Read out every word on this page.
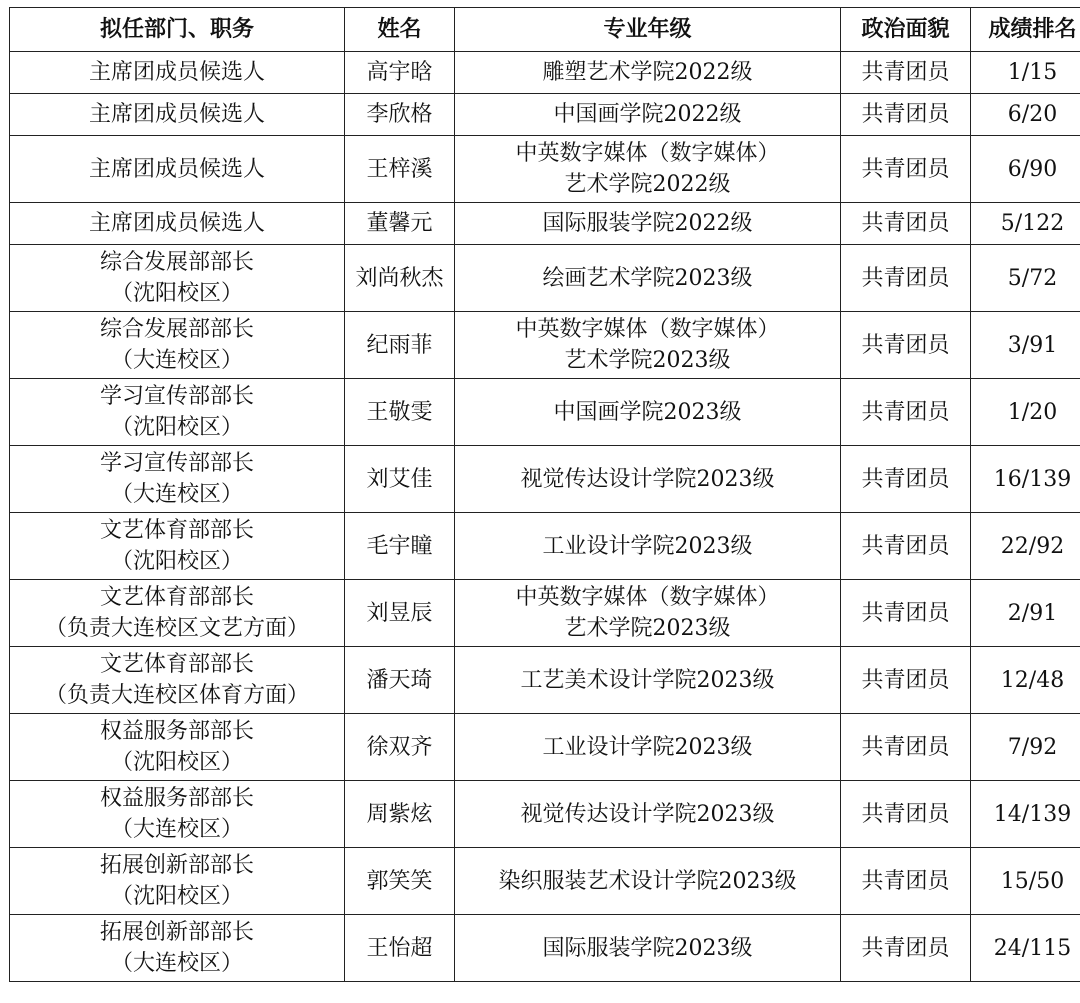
拟任部门、职务	姓名	专业年级	政治面貌	成绩排名

主席团成员候选人	高宇晗	雕塑艺术学院2022级	共青团员	1/15

主席团成员候选人	李欣格	中国画学院2022级	共青团员	6/20

主席团成员候选人	王梓溪	中英数字媒体（数字媒体）
艺术学院2022级	共青团员	6/90

主席团成员候选人	董馨元	国际服装学院2022级	共青团员	5/122

综合发展部部长
（沈阳校区）	刘尚秋杰	绘画艺术学院2023级	共青团员	5/72

综合发展部部长
（大连校区）	纪雨菲	中英数字媒体（数字媒体）
艺术学院2023级	共青团员	3/91

学习宣传部部长
（沈阳校区）	王敬雯	中国画学院2023级	共青团员	1/20

学习宣传部部长
（大连校区）	刘艾佳	视觉传达设计学院2023级	共青团员	16/139

文艺体育部部长
（沈阳校区）	毛宇瞳	工业设计学院2023级	共青团员	22/92

文艺体育部部长
（负责大连校区文艺方面）	刘昱辰	中英数字媒体（数字媒体）
艺术学院2023级	共青团员	2/91

文艺体育部部长
（负责大连校区体育方面）	潘天琦	工艺美术设计学院2023级	共青团员	12/48

权益服务部部长
（沈阳校区）	徐双齐	工业设计学院2023级	共青团员	7/92

权益服务部部长
（大连校区）	周紫炫	视觉传达设计学院2023级	共青团员	14/139

拓展创新部部长
（沈阳校区）	郭笑笑	染织服装艺术设计学院2023级	共青团员	15/50

拓展创新部部长
（大连校区）	王怡超	国际服装学院2023级	共青团员	24/115
